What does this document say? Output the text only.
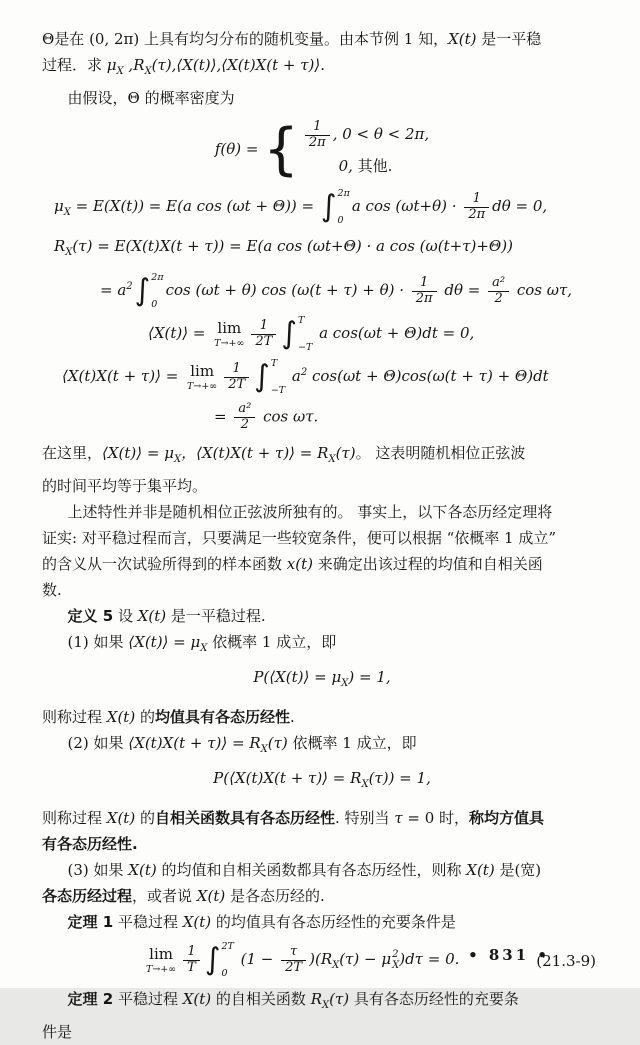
Θ是在 (0, 2π) 上具有均匀分布的随机变量。由本节例 1 知，X(t) 是一平稳
过程．求 $\mu_X$ $,R_X(\tau),⟨X(t)⟩,⟨X(t)X(t$ + τ)⟩.
由假设，Θ 的概率密度为
f(θ) = { $\frac{1}{2\pi}$ , 0 < θ < 2π,
0, 其他.
$\mu_X = E(X(t)) = E(a$ cos (ωt + Θ)) = ∫ 2π
0
a $\cos (\omega t+\theta) \cdot \frac{1}{2\pi}$ dθ = 0,
$R_X(\tau) = E(X(t)X(t + \tau)) = E(a$ cos (ωt+Θ) · a cos (ω(t+τ)+Θ))
= $a^2$ ∫ 2π
0
cos (ωt + θ) $\cos (\omega(t + \tau) + \theta) \cdot \frac{1}{2\pi}$ $d\theta = \frac{\text{a²}}{2}$ cos ωτ,
⟨X(t)⟩ = lim
$T\to+\infty \frac{1}{2T}$ ∫ T
−T
a cos(ωt + Θ)dt = 0,
⟨X(t)X(t + τ)⟩ = lim
$T\to+\infty \frac{1}{2T}$ ∫ T
−T
$a^2$ cos(ωt + Θ)cos(ω(t + τ) + Θ)dt
= $\frac{\text{a²}}{2}$ cos ωτ.
在这里，⟨X(t)⟩ = $\mu_X$，⟨X(t)X(t + τ)⟩ = $R_X(\tau)$。 这表明随机相位正弦波
的时间平均等于集平均。
上述特性并非是随机相位正弦波所独有的。 事实上，以下各态历经定理将
证实: 对平稳过程而言，只要满足一些较宽条件，便可以根据 “依概率 1 成立”
的含义从一次试验所得到的样本函数 x(t) 来确定出该过程的均值和自相关函
数.
定义 5 设 X(t) 是一平稳过程.
(1) 如果 ⟨X(t)⟩ = $\mu_X$ 依概率 1 成立，即
P(⟨X(t)⟩ = $\mu_X) = 1$,
则称过程 X(t) 的均值具有各态历经性.
(2) 如果 ⟨X(t)X(t + τ)⟩ = $R_X(\tau)$ 依概率 1 成立，即
P(⟨X(t)X(t + τ)⟩ = $R_X(\tau)) = 1$,
则称过程 X(t) 的自相关函数具有各态历经性. 特别当 τ = 0 时，称均方值具
有各态历经性.
(3) 如果 X(t) 的均值和自相关函数都具有各态历经性，则称 X(t) 是(宽)
各态历经过程，或者说 X(t) 是各态历经的.
定理 1 平稳过程 X(t) 的均值具有各态历经性的充要条件是
lim
$T\to+\infty \frac{1}{T}$ ∫ 2T
0
$(1 - \frac{\tau}{2T} )(R_X(\tau) - \mu$ 2
X )dτ = 0.	(21.3-9)
定理 2 平稳过程 X(t) 的自相关函数 $R_X(\tau)$ 具有各态历经性的充要条
件是
• 831 •
